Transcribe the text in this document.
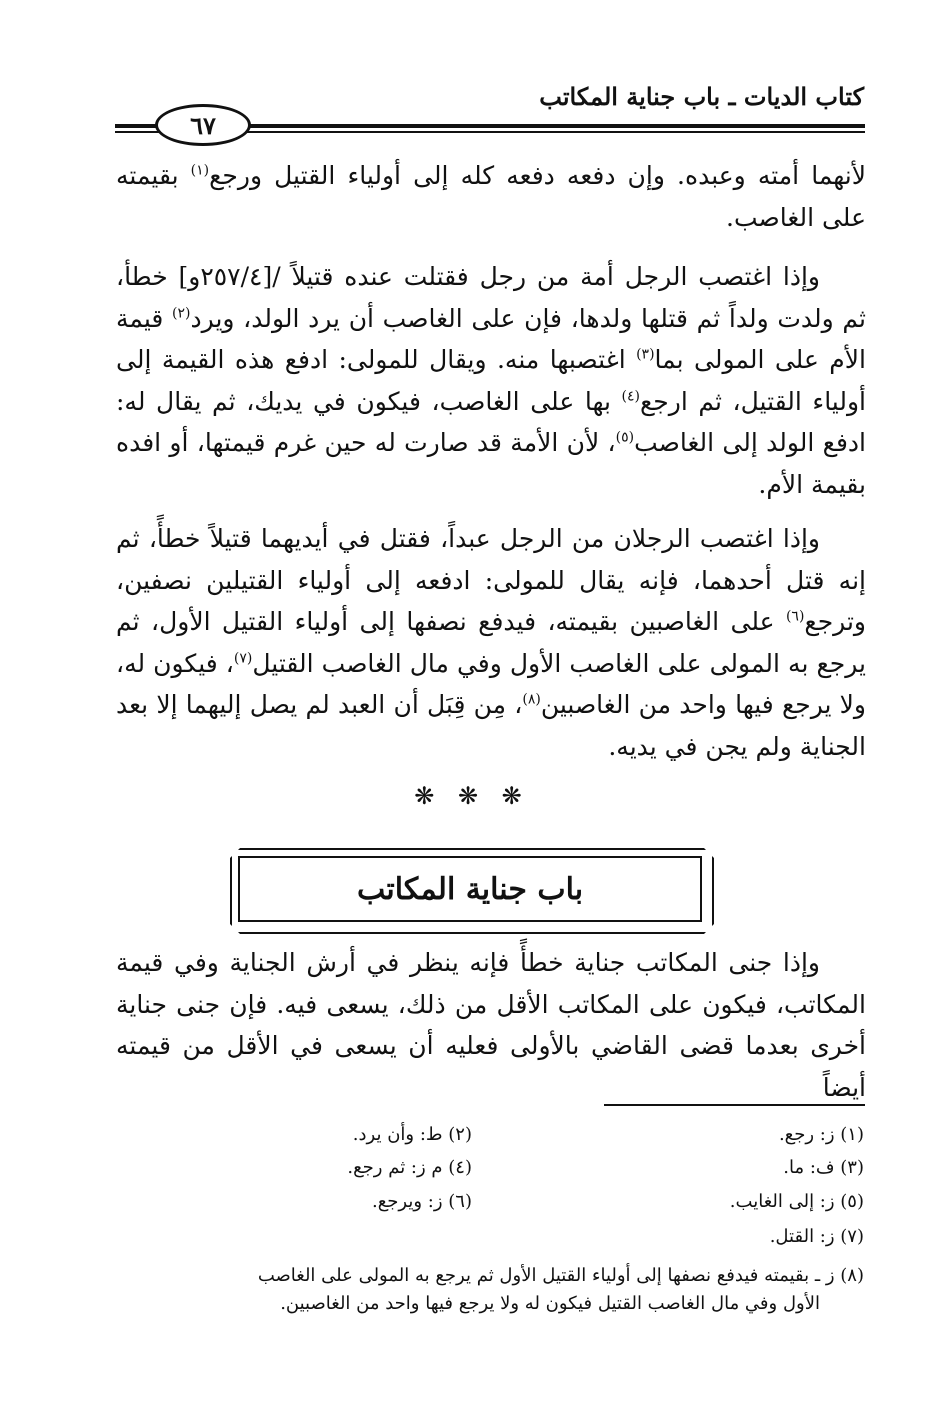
كتاب الديات ـ باب جناية المكاتب
٦٧

لأنهما أمته وعبده. وإن دفعه دفعه كله إلى أولياء القتيل ورجع$^{(١)}$ بقيمته على الغاصب.

وإذا اغتصب الرجل أمة من رجل فقتلت عنده قتيلاً /[٢٥٧/٤و] خطأ، ثم ولدت ولداً ثم قتلها ولدها، فإن على الغاصب أن يرد الولد، ويرد$^{(٢)}$ قيمة الأم على المولى بما$^{(٣)}$ اغتصبها منه. ويقال للمولى: ادفع هذه القيمة إلى أولياء القتيل، ثم ارجع$^{(٤)}$ بها على الغاصب، فيكون في يديك، ثم يقال له: ادفع الولد إلى الغاصب$^{(٥)}$، لأن الأمة قد صارت له حين غرم قيمتها، أو افده بقيمة الأم.

وإذا اغتصب الرجلان من الرجل عبداً، فقتل في أيديهما قتيلاً خطأً، ثم إنه قتل أحدهما، فإنه يقال للمولى: ادفعه إلى أولياء القتيلين نصفين، وترجع$^{(٦)}$ على الغاصبين بقيمته، فيدفع نصفها إلى أولياء القتيل الأول، ثم يرجع به المولى على الغاصب الأول وفي مال الغاصب القتيل$^{(٧)}$، فيكون له، ولا يرجع فيها واحد من الغاصبين$^{(٨)}$، مِن قِبَل أن العبد لم يصل إليهما إلا بعد الجناية ولم يجن في يديه.

❋ ❋ ❋
باب جناية المكاتب

وإذا جنى المكاتب جناية خطأً فإنه ينظر في أرش الجناية وفي قيمة المكاتب، فيكون على المكاتب الأقل من ذلك، يسعى فيه. فإن جنى جناية أخرى بعدما قضى القاضي بالأولى فعليه أن يسعى في الأقل من قيمته أيضاً

(١) ز: رجع.
(٢) ط: وأن يرد.
(٣) ف: ما.
(٤) م ز: ثم رجع.
(٥) ز: إلى الغايب.
(٦) ز: ويرجع.
(٧) ز: القتل.
(٨) ز ـ بقيمته فيدفع نصفها إلى أولياء القتيل الأول ثم يرجع به المولى على الغاصب
الأول وفي مال الغاصب القتيل فيكون له ولا يرجع فيها واحد من الغاصبين.
